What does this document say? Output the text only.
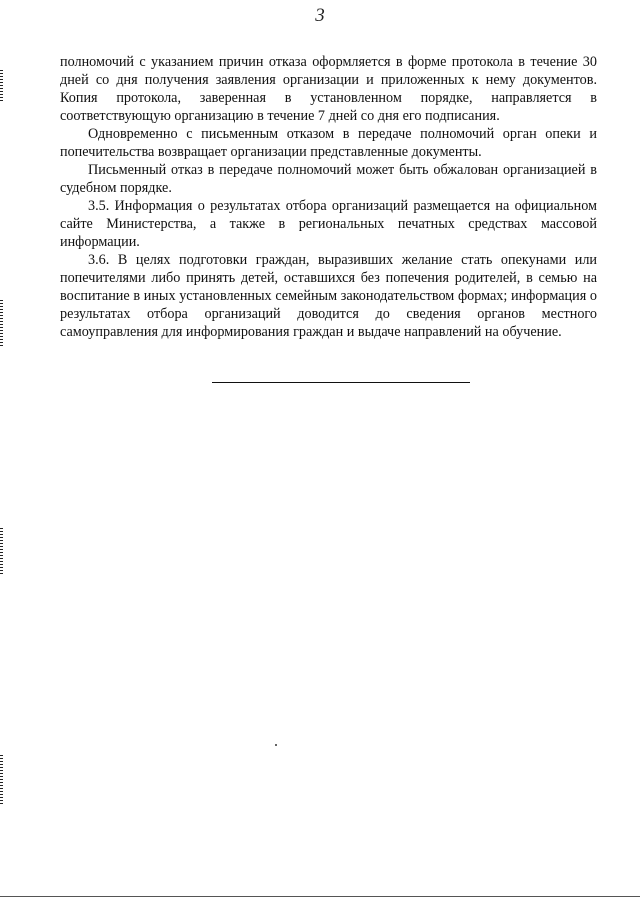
3

полномочий с указанием причин отказа оформляется в форме протокола в течение 30 дней со дня получения заявления организации и приложенных к нему документов. Копия протокола, заверенная в установленном порядке, направляется в соответствующую организацию в течение 7 дней со дня его подписания.

Одновременно с письменным отказом в передаче полномочий орган опеки и попечительства возвращает организации представленные документы.

Письменный отказ в передаче полномочий может быть обжалован организацией в судебном порядке.

3.5. Информация о результатах отбора организаций размещается на официальном сайте Министерства, а также в региональных печатных средствах массовой информации.

3.6. В целях подготовки граждан, выразивших желание стать опекунами или попечителями либо принять детей, оставшихся без попечения родителей, в семью на воспитание в иных установленных семейным законодательством формах; информация о результатах отбора организаций доводится до сведения органов местного самоуправления для информирования граждан и выдаче направлений на обучение.
